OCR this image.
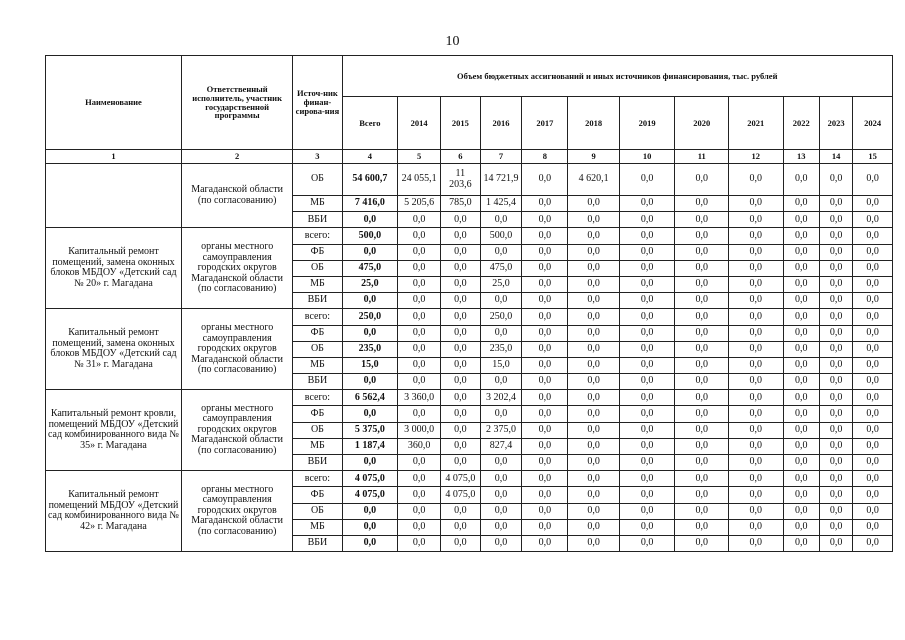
10
Наименование	Ответственный исполнитель, участник государственной программы	Источ-ник финан-сирова-ния	Объем бюджетных ассигнований и иных источников финансирования, тыс. рублей											
			Всего	2014	2015	2016	2017	2018	2019	2020	2021	2022	2023	2024
1	2	3	4	5	6	7	8	9	10	11	12	13	14	15
	Магаданской области (по согласованию)	ОБ	54 600,7	24 055,1	11 203,6	14 721,9	0,0	4 620,1	0,0	0,0	0,0	0,0	0,0	0,0
		МБ	7 416,0	5 205,6	785,0	1 425,4	0,0	0,0	0,0	0,0	0,0	0,0	0,0	0,0
		ВБИ	0,0	0,0	0,0	0,0	0,0	0,0	0,0	0,0	0,0	0,0	0,0	0,0
Капитальный ремонт помещений, замена оконных блоков МБДОУ «Детский сад № 20» г. Магадана	органы местного самоуправления городских округов Магаданской области (по согласованию)	всего:	500,0	0,0	0,0	500,0	0,0	0,0	0,0	0,0	0,0	0,0	0,0	0,0
		ФБ	0,0	0,0	0,0	0,0	0,0	0,0	0,0	0,0	0,0	0,0	0,0	0,0
		ОБ	475,0	0,0	0,0	475,0	0,0	0,0	0,0	0,0	0,0	0,0	0,0	0,0
		МБ	25,0	0,0	0,0	25,0	0,0	0,0	0,0	0,0	0,0	0,0	0,0	0,0
		ВБИ	0,0	0,0	0,0	0,0	0,0	0,0	0,0	0,0	0,0	0,0	0,0	0,0
Капитальный ремонт помещений, замена оконных блоков МБДОУ «Детский сад № 31» г. Магадана	органы местного самоуправления городских округов Магаданской области (по согласованию)	всего:	250,0	0,0	0,0	250,0	0,0	0,0	0,0	0,0	0,0	0,0	0,0	0,0
		ФБ	0,0	0,0	0,0	0,0	0,0	0,0	0,0	0,0	0,0	0,0	0,0	0,0
		ОБ	235,0	0,0	0,0	235,0	0,0	0,0	0,0	0,0	0,0	0,0	0,0	0,0
		МБ	15,0	0,0	0,0	15,0	0,0	0,0	0,0	0,0	0,0	0,0	0,0	0,0
		ВБИ	0,0	0,0	0,0	0,0	0,0	0,0	0,0	0,0	0,0	0,0	0,0	0,0
Капитальный ремонт кровли, помещений МБДОУ «Детский сад комбинированного вида № 35» г. Магадана	органы местного самоуправления городских округов Магаданской области (по согласованию)	всего:	6 562,4	3 360,0	0,0	3 202,4	0,0	0,0	0,0	0,0	0,0	0,0	0,0	0,0
		ФБ	0,0	0,0	0,0	0,0	0,0	0,0	0,0	0,0	0,0	0,0	0,0	0,0
		ОБ	5 375,0	3 000,0	0,0	2 375,0	0,0	0,0	0,0	0,0	0,0	0,0	0,0	0,0
		МБ	1 187,4	360,0	0,0	827,4	0,0	0,0	0,0	0,0	0,0	0,0	0,0	0,0
		ВБИ	0,0	0,0	0,0	0,0	0,0	0,0	0,0	0,0	0,0	0,0	0,0	0,0
Капитальный ремонт помещений МБДОУ «Детский сад комбинированного вида № 42» г. Магадана	органы местного самоуправления городских округов Магаданской области (по согласованию)	всего:	4 075,0	0,0	4 075,0	0,0	0,0	0,0	0,0	0,0	0,0	0,0	0,0	0,0
		ФБ	4 075,0	0,0	4 075,0	0,0	0,0	0,0	0,0	0,0	0,0	0,0	0,0	0,0
		ОБ	0,0	0,0	0,0	0,0	0,0	0,0	0,0	0,0	0,0	0,0	0,0	0,0
		МБ	0,0	0,0	0,0	0,0	0,0	0,0	0,0	0,0	0,0	0,0	0,0	0,0
		ВБИ	0,0	0,0	0,0	0,0	0,0	0,0	0,0	0,0	0,0	0,0	0,0	0,0
